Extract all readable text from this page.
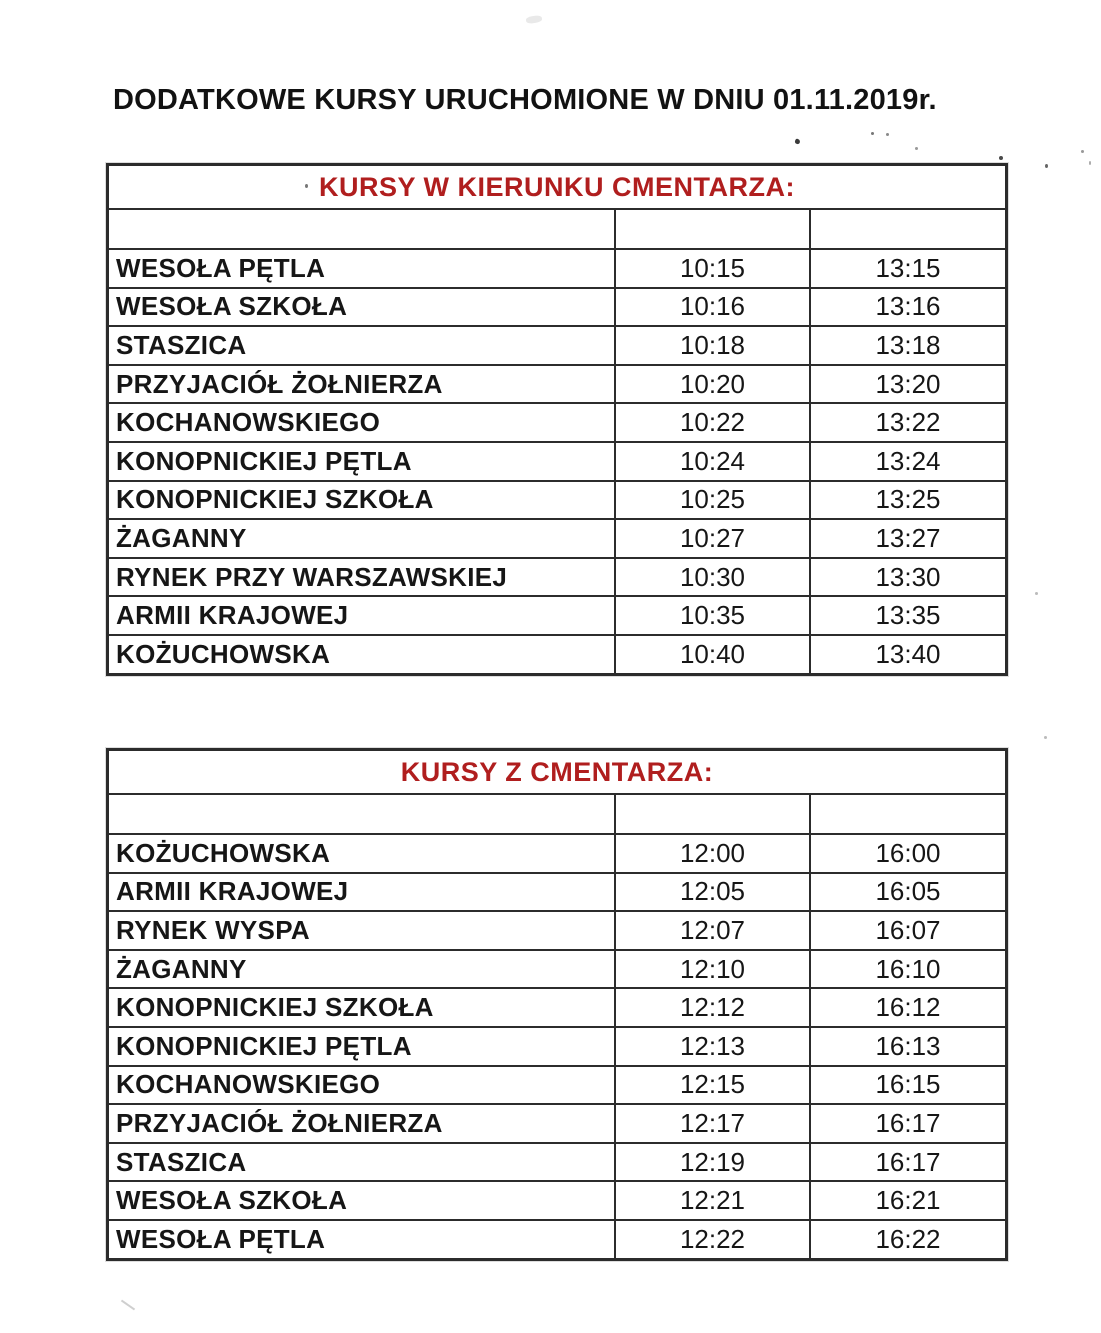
DODATKOWE KURSY URUCHOMIONE W DNIU 01.11.2019r.
KURSY W KIERUNKU CMENTARZA:
WESOŁA PĘTLA	10:15	13:15
WESOŁA SZKOŁA	10:16	13:16
STASZICA	10:18	13:18
PRZYJACIÓŁ ŻOŁNIERZA	10:20	13:20
KOCHANOWSKIEGO	10:22	13:22
KONOPNICKIEJ PĘTLA	10:24	13:24
KONOPNICKIEJ SZKOŁA	10:25	13:25
ŻAGANNY	10:27	13:27
RYNEK PRZY WARSZAWSKIEJ	10:30	13:30
ARMII KRAJOWEJ	10:35	13:35
KOŻUCHOWSKA	10:40	13:40
KURSY Z CMENTARZA:
KOŻUCHOWSKA	12:00	16:00
ARMII KRAJOWEJ	12:05	16:05
RYNEK WYSPA	12:07	16:07
ŻAGANNY	12:10	16:10
KONOPNICKIEJ SZKOŁA	12:12	16:12
KONOPNICKIEJ PĘTLA	12:13	16:13
KOCHANOWSKIEGO	12:15	16:15
PRZYJACIÓŁ ŻOŁNIERZA	12:17	16:17
STASZICA	12:19	16:17
WESOŁA SZKOŁA	12:21	16:21
WESOŁA PĘTLA	12:22	16:22
